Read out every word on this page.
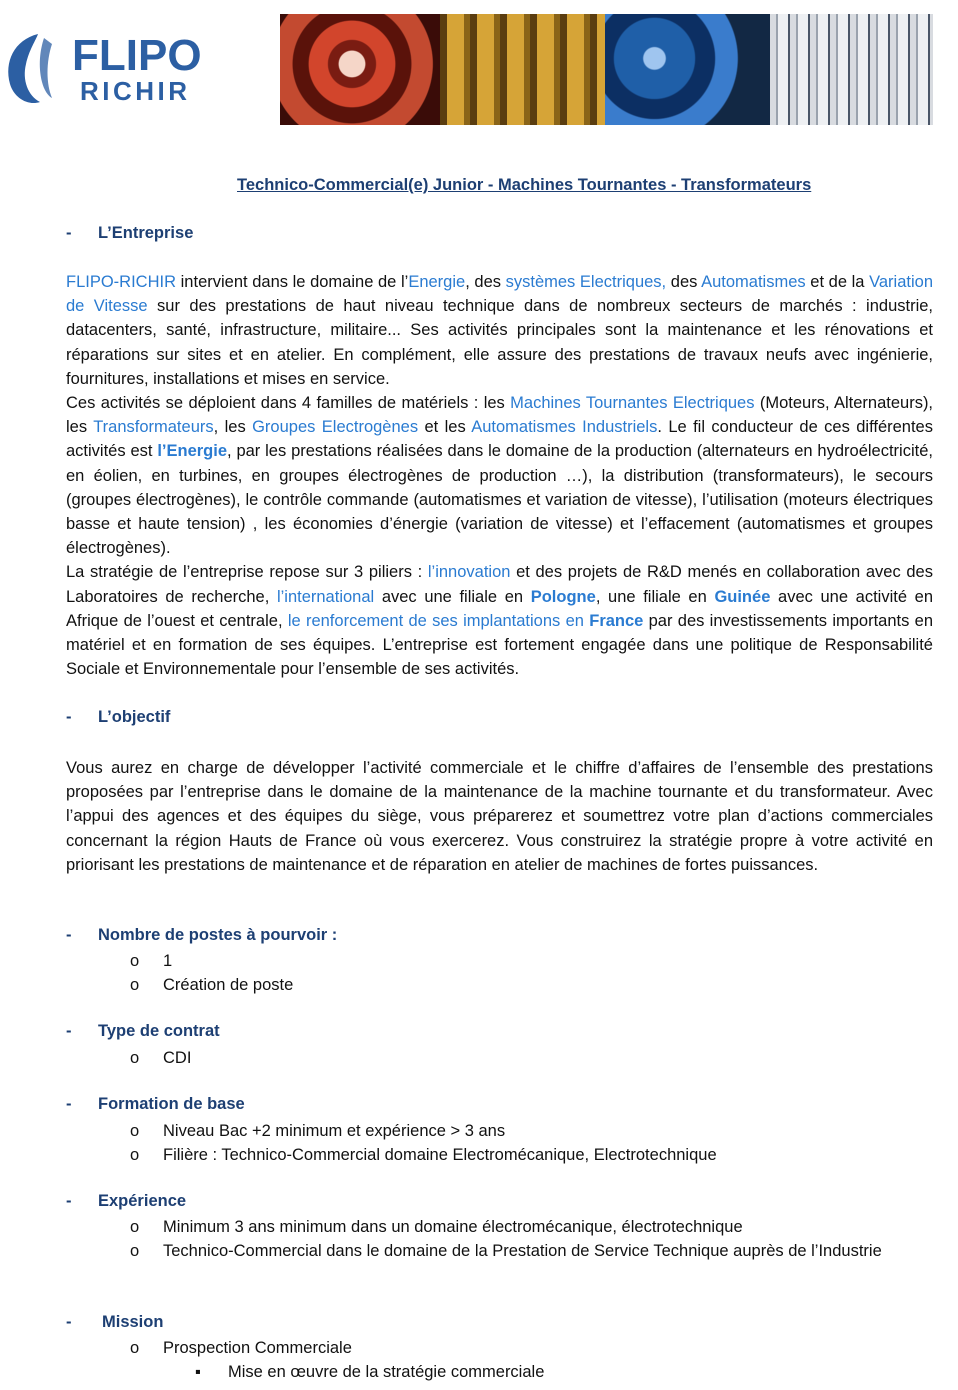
FLIPO
RICHIR
Technico-Commercial(e) Junior - Machines Tournantes - Transformateurs
- L’Entreprise
FLIPO-RICHIR intervient dans le domaine de l’Energie, des systèmes Electriques, des Automatismes et de la Variation de Vitesse sur des prestations de haut niveau technique dans de nombreux secteurs de marchés : industrie, datacenters, santé, infrastructure, militaire... Ses activités principales sont la maintenance et les rénovations et réparations sur sites et en atelier. En complément, elle assure des prestations de travaux neufs avec ingénierie, fournitures, installations et mises en service.
Ces activités se déploient dans 4 familles de matériels : les Machines Tournantes Electriques (Moteurs, Alternateurs), les Transformateurs, les Groupes Electrogènes et les Automatismes Industriels. Le fil conducteur de ces différentes activités est l’Energie, par les prestations réalisées dans le domaine de la production (alternateurs en hydroélectricité, en éolien, en turbines, en groupes électrogènes de production …), la distribution (transformateurs), le secours (groupes électrogènes), le contrôle commande (automatismes et variation de vitesse), l’utilisation (moteurs électriques basse et haute tension) , les économies d’énergie (variation de vitesse) et l’effacement (automatismes et groupes électrogènes).
La stratégie de l’entreprise repose sur 3 piliers : l’innovation et des projets de R&D menés en collaboration avec des Laboratoires de recherche, l’international avec une filiale en Pologne, une filiale en Guinée avec une activité en Afrique de l’ouest et centrale, le renforcement de ses implantations en France par des investissements importants en matériel et en formation de ses équipes. L’entreprise est fortement engagée dans une politique de Responsabilité Sociale et Environnementale pour l’ensemble de ses activités.
- L’objectif
Vous aurez en charge de développer l’activité commerciale et le chiffre d’affaires de l’ensemble des prestations proposées par l’entreprise dans le domaine de la maintenance de la machine tournante et du transformateur. Avec l’appui des agences et des équipes du siège, vous préparerez et soumettrez votre plan d’actions commerciales concernant la région Hauts de France où vous exercerez. Vous construirez la stratégie propre à votre activité en priorisant les prestations de maintenance et de réparation en atelier de machines de fortes puissances.
- Nombre de postes à pourvoir :
o 1
o Création de poste
- Type de contrat
o CDI
- Formation de base
o Niveau Bac +2 minimum et expérience > 3 ans
o Filière : Technico-Commercial domaine Electromécanique, Electrotechnique
- Expérience
o Minimum 3 ans minimum dans un domaine électromécanique, électrotechnique
o Technico-Commercial dans le domaine de la Prestation de Service Technique auprès de l’Industrie
- Mission
o Prospection Commerciale
▪ Mise en œuvre de la stratégie commerciale
